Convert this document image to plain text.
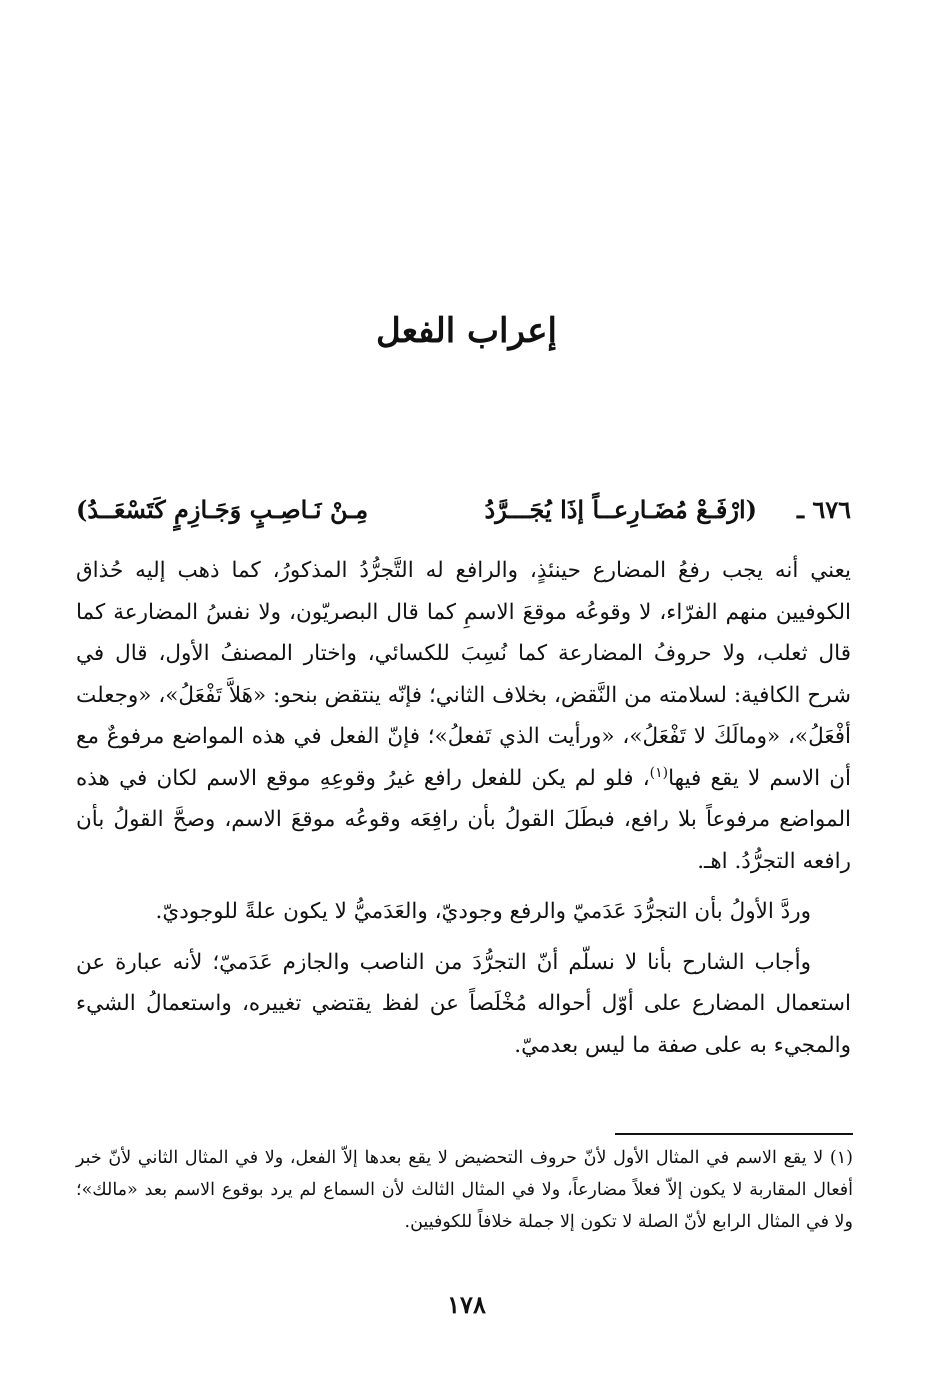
إعراب الفعل
٦٧٦ ـ
(ارْفَـعْ مُضَـارِعــاً إذَا يُجَـــرَّدُ
مِـنْ نَـاصِـبٍ وَجَـازِمٍ كَتَسْعَــدُ)

يعني أنه يجب رفعُ المضارع حينئذٍ، والرافع له التَّجرُّدُ المذكورُ، كما ذهب إليه حُذاق الكوفيين منهم الفرّاء، لا وقوعُه موقعَ الاسمِ كما قال البصريّون، ولا نفسُ المضارعة كما قال ثعلب، ولا حروفُ المضارعة كما نُسِبَ للكسائي، واختار المصنفُ الأول، قال في شرح الكافية: لسلامته من النَّقض، بخلاف الثاني؛ فإنّه ينتقض بنحو: «هَلاَّ تَفْعَلُ»، «وجعلت أفْعَلُ»، «ومالَكَ لا تَفْعَلُ»، «ورأيت الذي تَفعلُ»؛ فإنّ الفعل في هذه المواضع مرفوعٌ مع أن الاسم لا يقع فيها$^{(١)}$، فلو لم يكن للفعل رافع غيرُ وقوعِهِ موقع الاسم لكان في هذه المواضع مرفوعاً بلا رافع، فبطَلَ القولُ بأن رافِعَه وقوعُه موقعَ الاسم، وصحَّ القولُ بأن رافعه التجرُّدُ. اهـ.

وردَّ الأولُ بأن التجرُّدَ عَدَميّ والرفع وجوديّ، والعَدَميُّ لا يكون علةً للوجوديّ.

وأجاب الشارح بأنا لا نسلّم أنّ التجرُّدَ من الناصب والجازم عَدَميّ؛ لأنه عبارة عن استعمال المضارع على أوّل أحواله مُخْلَصاً عن لفظ يقتضي تغييره، واستعمالُ الشيء والمجيء به على صفة ما ليس بعدميّ.

(١) لا يقع الاسم في المثال الأول لأنّ حروف التحضيض لا يقع بعدها إلاّ الفعل، ولا في المثال الثاني لأنّ خبر أفعال المقاربة لا يكون إلاّ فعلاً مضارعاً، ولا في المثال الثالث لأن السماع لم يرد بوقوع الاسم بعد «مالك»؛ ولا في المثال الرابع لأنّ الصلة لا تكون إلا جملة خلافاً للكوفيين.

١٧٨
